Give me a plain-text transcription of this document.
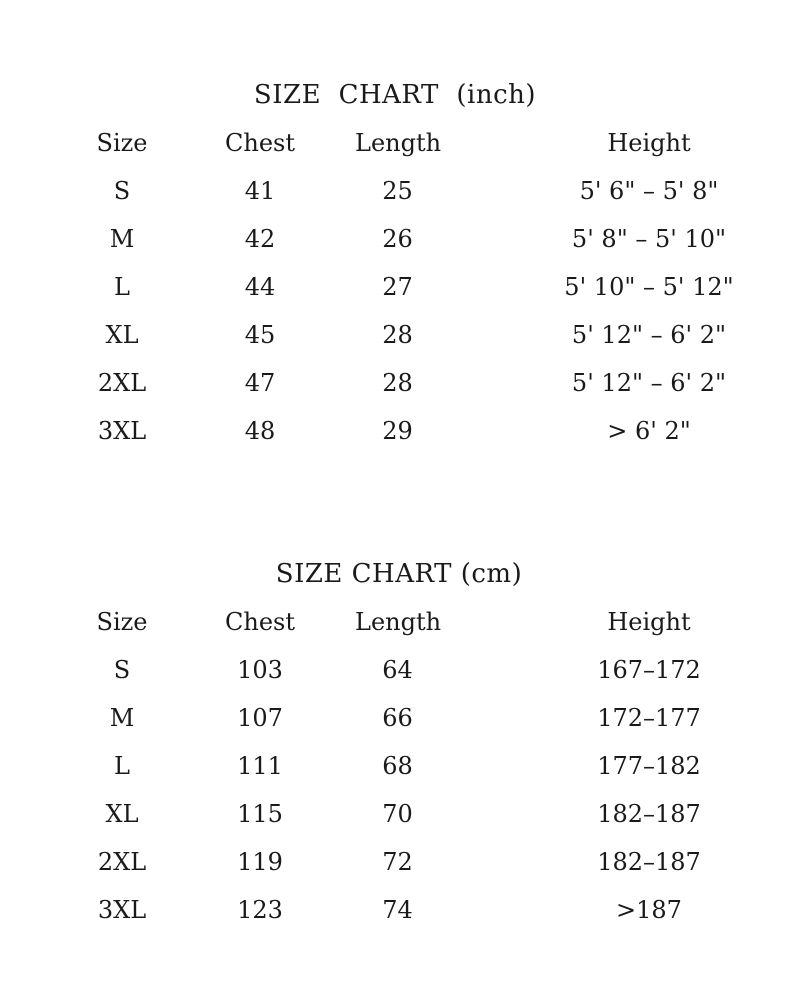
SIZE  CHART  (inch)
Size	Chest	Length	Height
S	41	25	5' 6" – 5' 8"
M	42	26	5' 8" – 5' 10"
L	44	27	5' 10" – 5' 12"
XL	45	28	5' 12" – 6' 2"
2XL	47	28	5' 12" – 6' 2"
3XL	48	29	> 6' 2"
SIZE CHART (cm)
Size	Chest	Length	Height
S	103	64	167–172
M	107	66	172–177
L	111	68	177–182
XL	115	70	182–187
2XL	119	72	182–187
3XL	123	74	>187
